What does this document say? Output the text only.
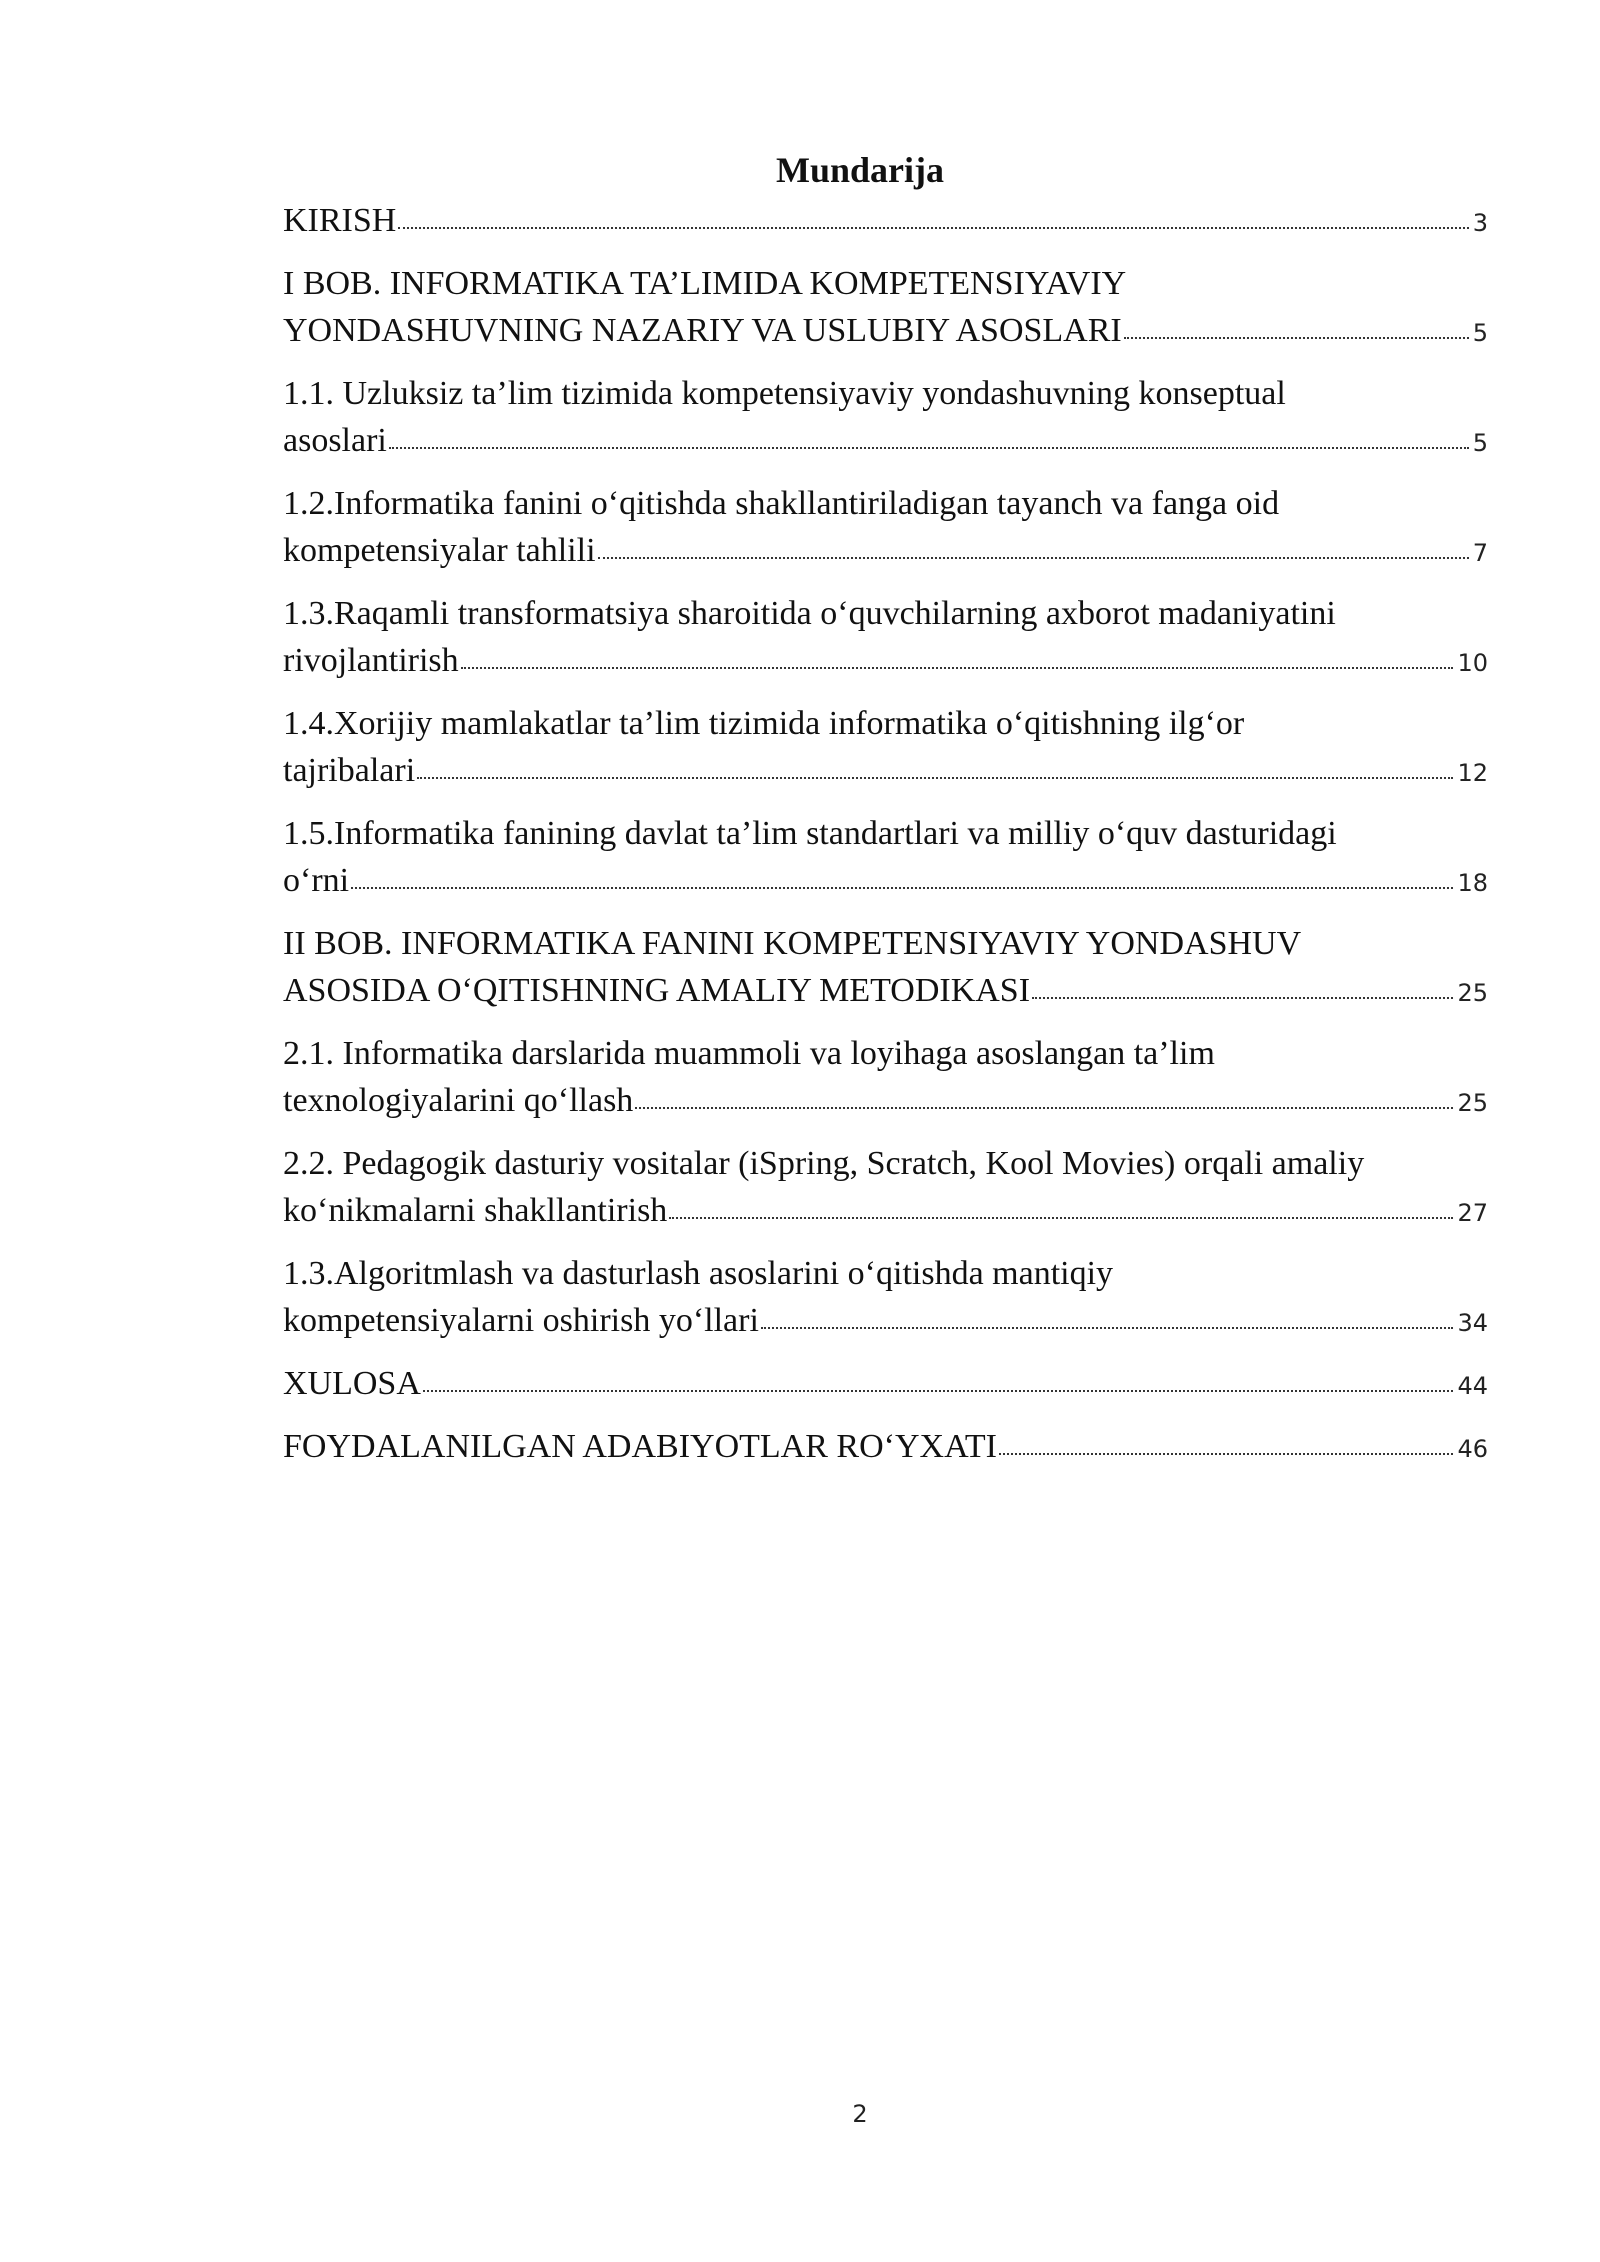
Mundarija
KIRISH	3
I BOB. INFORMATIKA TA’LIMIDA KOMPETENSIYAVIY
YONDASHUVNING NAZARIY VA USLUBIY ASOSLARI	5
1.1. Uzluksiz ta’lim tizimida kompetensiyaviy yondashuvning konseptual
asoslari	5
1.2.Informatika fanini o‘qitishda shakllantiriladigan tayanch va fanga oid
kompetensiyalar tahlili	7
1.3.Raqamli transformatsiya sharoitida o‘quvchilarning axborot madaniyatini
rivojlantirish	10
1.4.Xorijiy mamlakatlar ta’lim tizimida informatika o‘qitishning ilg‘or
tajribalari	12
1.5.Informatika fanining davlat ta’lim standartlari va milliy o‘quv dasturidagi
o‘rni	18
II BOB. INFORMATIKA FANINI KOMPETENSIYAVIY YONDASHUV
ASOSIDA O‘QITISHNING AMALIY METODIKASI	25
2.1. Informatika darslarida muammoli va loyihaga asoslangan ta’lim
texnologiyalarini qo‘llash	25
2.2. Pedagogik dasturiy vositalar (iSpring, Scratch, Kool Movies) orqali amaliy
ko‘nikmalarni shakllantirish	27
1.3.Algoritmlash va dasturlash asoslarini o‘qitishda mantiqiy
kompetensiyalarni oshirish yo‘llari	34
XULOSA	44
FOYDALANILGAN ADABIYOTLAR RO‘YXATI	46
2
